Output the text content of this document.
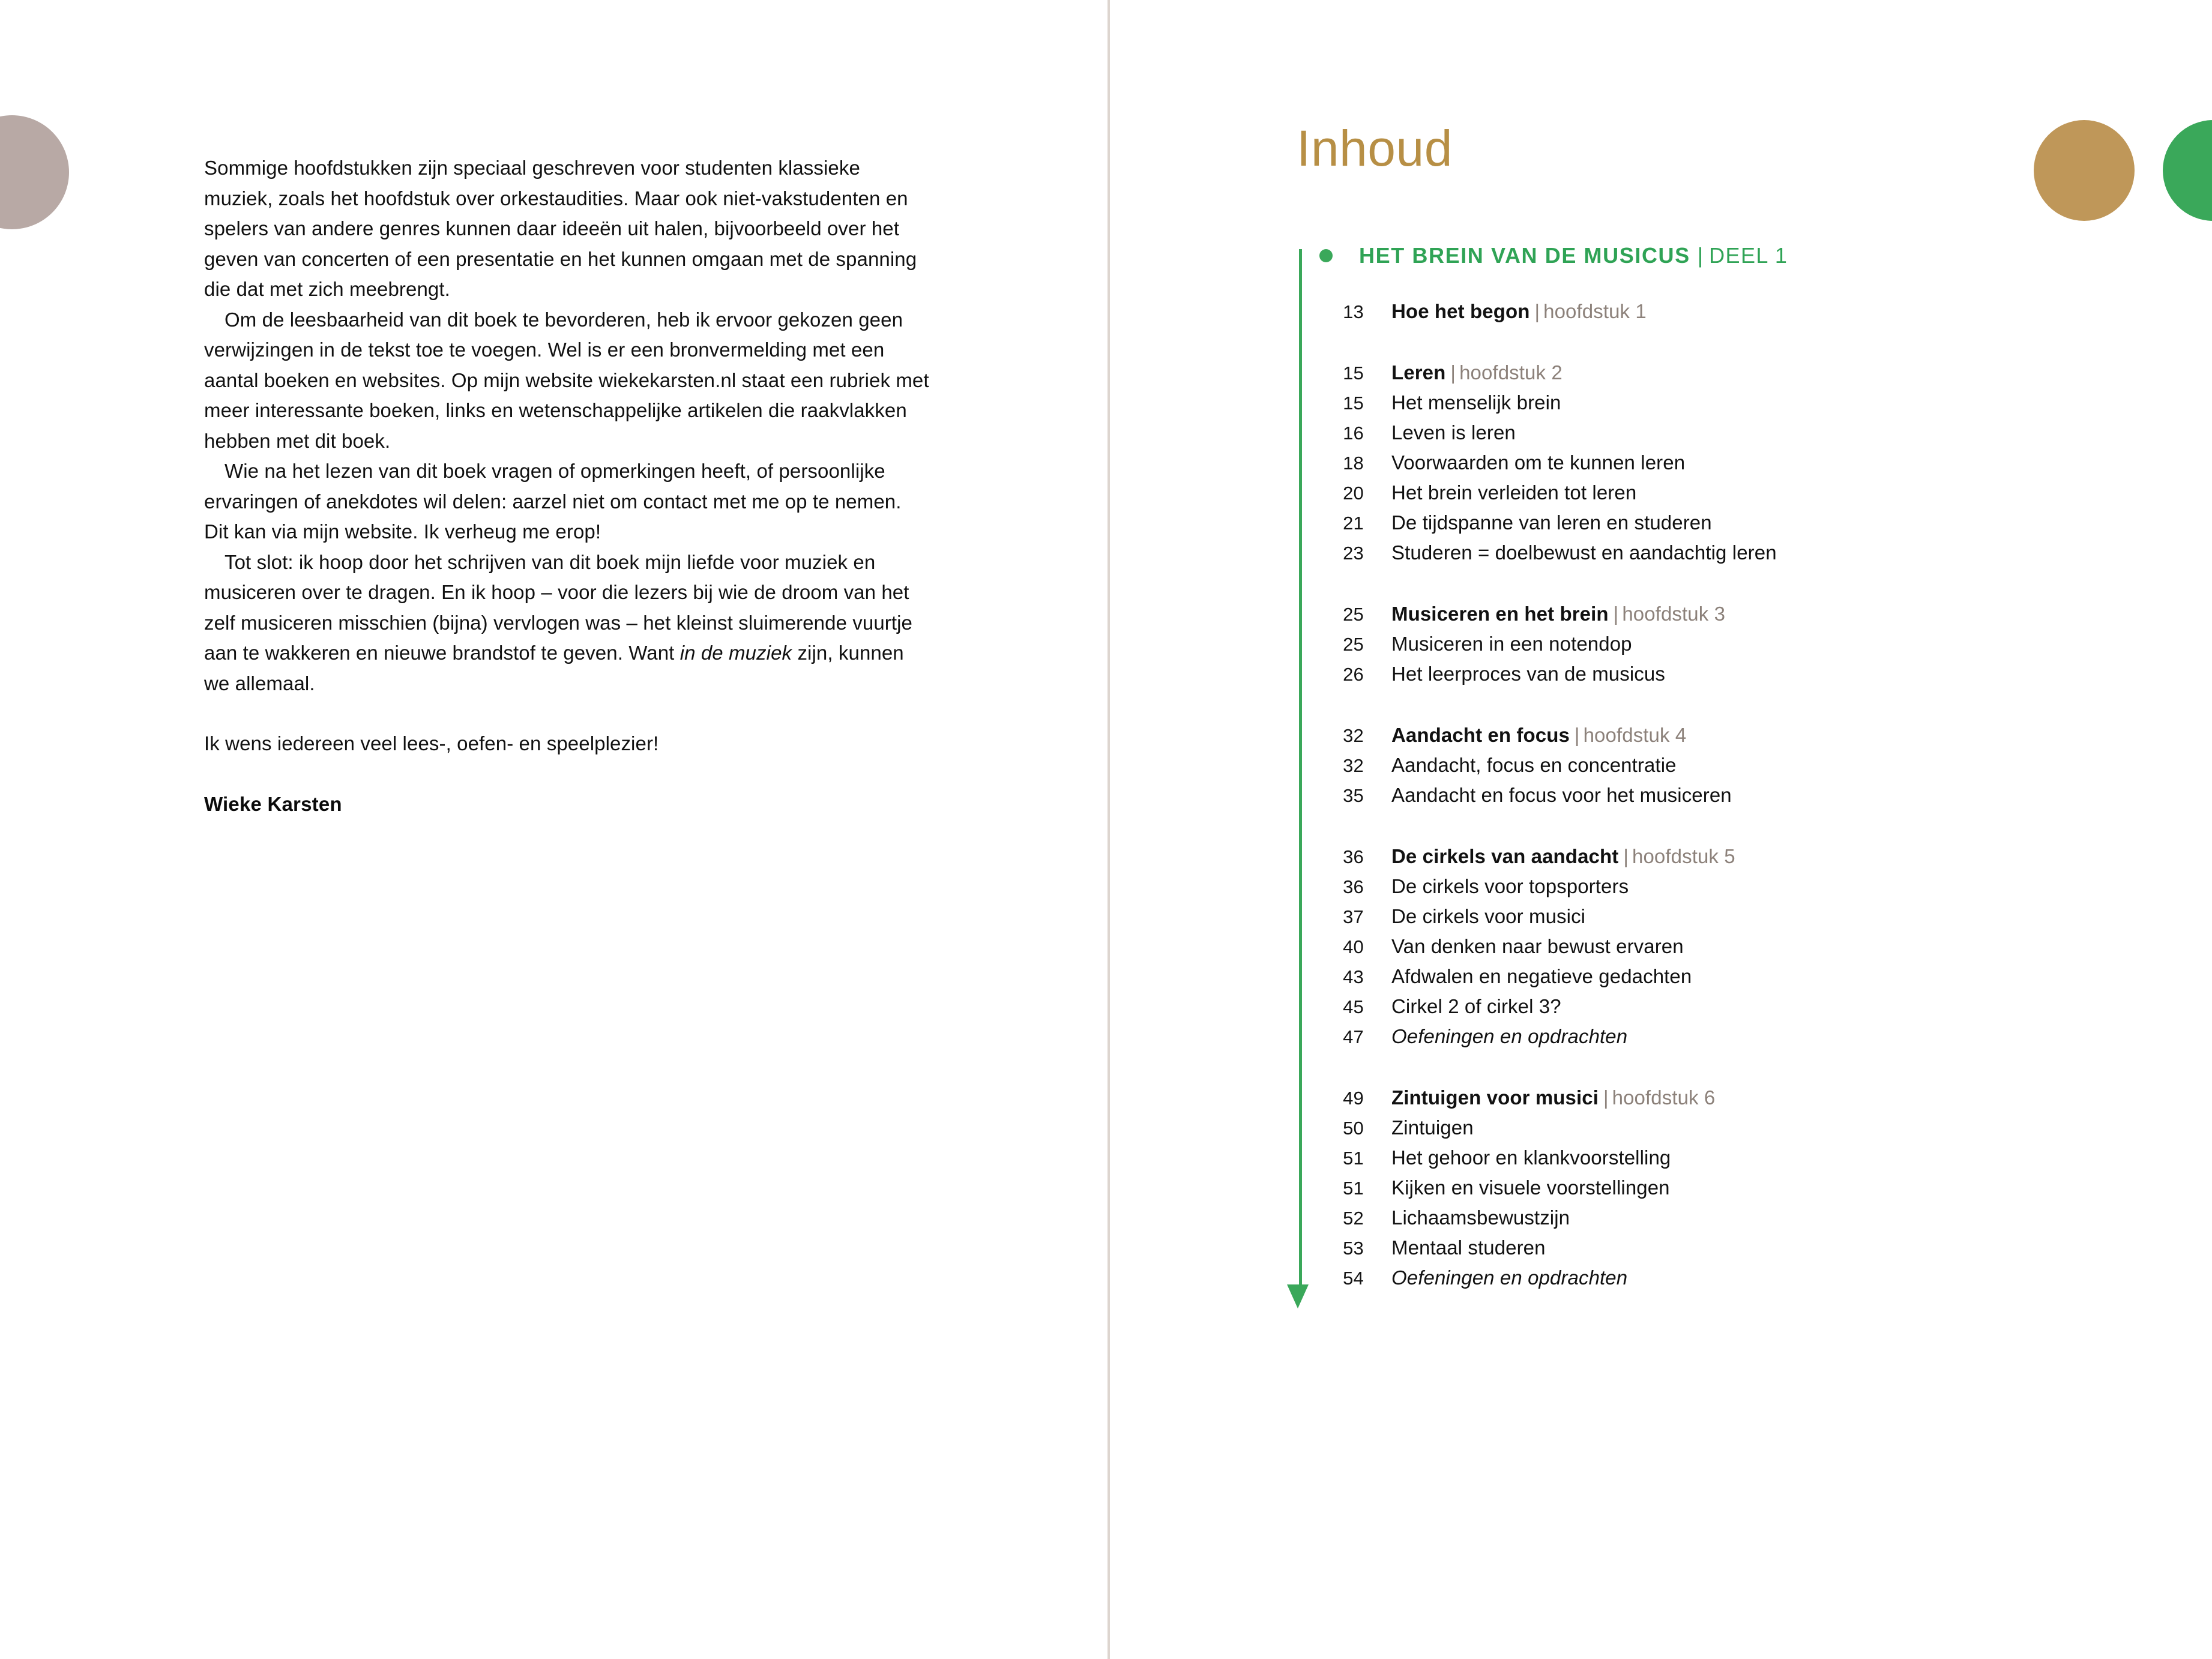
Sommige hoofdstukken zijn speciaal geschreven voor studenten klassieke muziek, zoals het hoofdstuk over orkestaudities. Maar ook niet-vakstudenten en spelers van andere genres kunnen daar ideeën uit halen, bijvoorbeeld over het geven van concerten of een presentatie en het kunnen omgaan met de spanning die dat met zich meebrengt.

Om de leesbaarheid van dit boek te bevorderen, heb ik ervoor gekozen geen verwijzingen in de tekst toe te voegen. Wel is er een bronvermelding met een aantal boeken en websites. Op mijn website wiekekarsten.nl staat een rubriek met meer interessante boeken, links en wetenschappelijke artikelen die raakvlakken hebben met dit boek.

Wie na het lezen van dit boek vragen of opmerkingen heeft, of persoonlijke ervaringen of anekdotes wil delen: aarzel niet om contact met me op te nemen. Dit kan via mijn website. Ik verheug me erop!

Tot slot: ik hoop door het schrijven van dit boek mijn liefde voor muziek en musiceren over te dragen. En ik hoop – voor die lezers bij wie de droom van het zelf musiceren misschien (bijna) vervlogen was – het kleinst sluimerende vuurtje aan te wakkeren en nieuwe brandstof te geven. Want in de muziek zijn, kunnen we allemaal.

Ik wens iedereen veel lees-, oefen- en speelplezier!

Wieke Karsten
Inhoud
HET BREIN VAN DE MUSICUS | DEEL 1
13 Hoe het begon | hoofdstuk 1
15 Leren | hoofdstuk 2
15 Het menselijk brein
16 Leven is leren
18 Voorwaarden om te kunnen leren
20 Het brein verleiden tot leren
21 De tijdspanne van leren en studeren
23 Studeren = doelbewust en aandachtig leren
25 Musiceren en het brein | hoofdstuk 3
25 Musiceren in een notendop
26 Het leerproces van de musicus
32 Aandacht en focus | hoofdstuk 4
32 Aandacht, focus en concentratie
35 Aandacht en focus voor het musiceren
36 De cirkels van aandacht | hoofdstuk 5
36 De cirkels voor topsporters
37 De cirkels voor musici
40 Van denken naar bewust ervaren
43 Afdwalen en negatieve gedachten
45 Cirkel 2 of cirkel 3?
47 Oefeningen en opdrachten
49 Zintuigen voor musici | hoofdstuk 6
50 Zintuigen
51 Het gehoor en klankvoorstelling
51 Kijken en visuele voorstellingen
52 Lichaamsbewustzijn
53 Mentaal studeren
54 Oefeningen en opdrachten
